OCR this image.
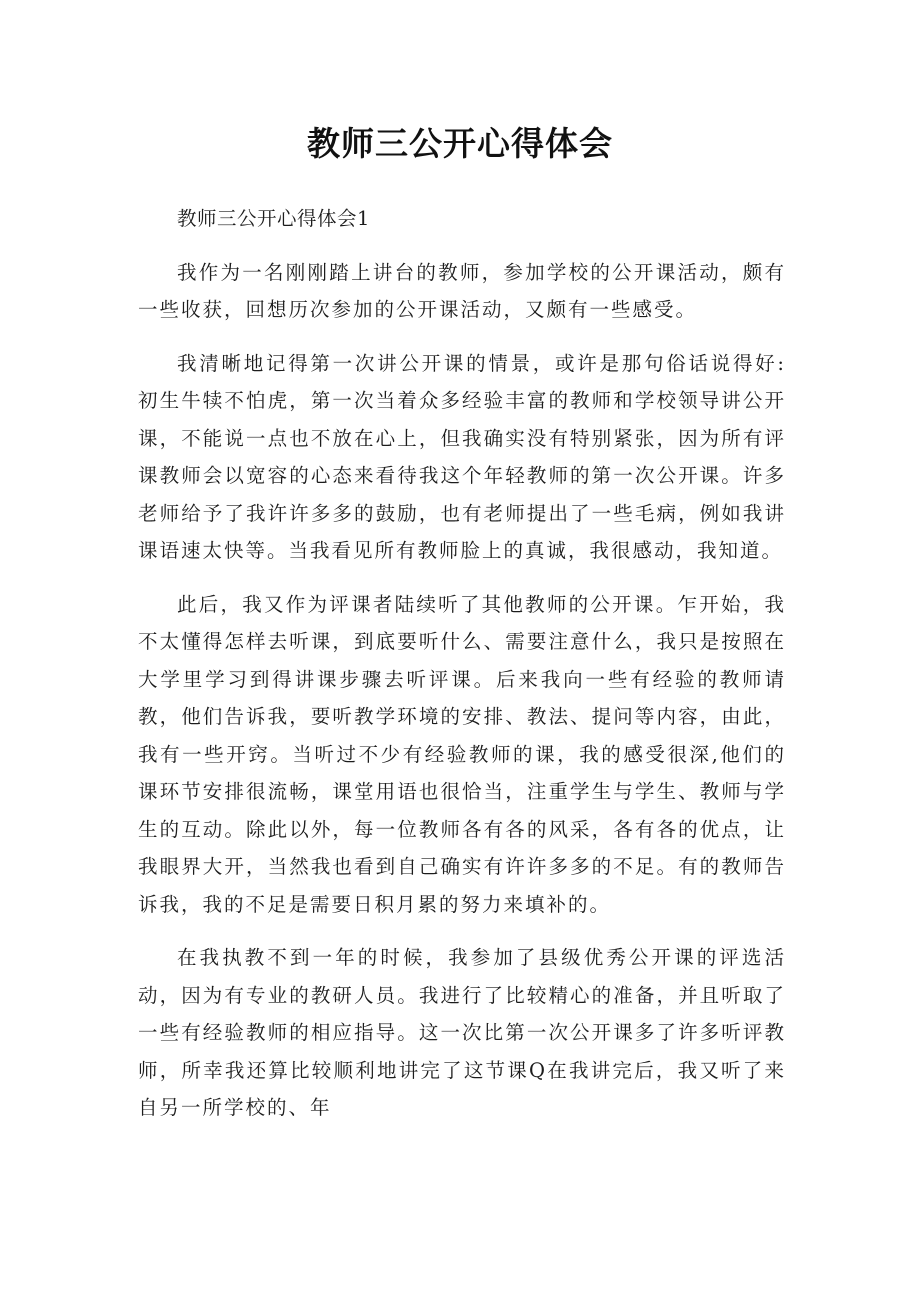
教师三公开心得体会

教师三公开心得体会1

我作为一名刚刚踏上讲台的教师，参加学校的公开课活动，颇有一些收获，回想历次参加的公开课活动，又颇有一些感受。

我清晰地记得第一次讲公开课的情景，或许是那句俗话说得好:初生牛犊不怕虎，第一次当着众多经验丰富的教师和学校领导讲公开课，不能说一点也不放在心上，但我确实没有特别紧张，因为所有评课教师会以宽容的心态来看待我这个年轻教师的第一次公开课。许多老师给予了我许许多多的鼓励，也有老师提出了一些毛病，例如我讲课语速太快等。当我看见所有教师脸上的真诚，我很感动，我知道。

此后，我又作为评课者陆续听了其他教师的公开课。乍开始，我不太懂得怎样去听课，到底要听什么、需要注意什么，我只是按照在大学里学习到得讲课步骤去听评课。后来我向一些有经验的教师请教，他们告诉我，要听教学环境的安排、教法、提问等内容，由此，我有一些开窍。当听过不少有经验教师的课，我的感受很深,他们的课环节安排很流畅，课堂用语也很恰当，注重学生与学生、教师与学生的互动。除此以外，每一位教师各有各的风采，各有各的优点，让我眼界大开，当然我也看到自己确实有许许多多的不足。有的教师告诉我，我的不足是需要日积月累的努力来填补的。

在我执教不到一年的时候，我参加了县级优秀公开课的评选活动，因为有专业的教研人员。我进行了比较精心的准备，并且听取了一些有经验教师的相应指导。这一次比第一次公开课多了许多听评教师，所幸我还算比较顺利地讲完了这节课Q在我讲完后，我又听了来自另一所学校的、年
